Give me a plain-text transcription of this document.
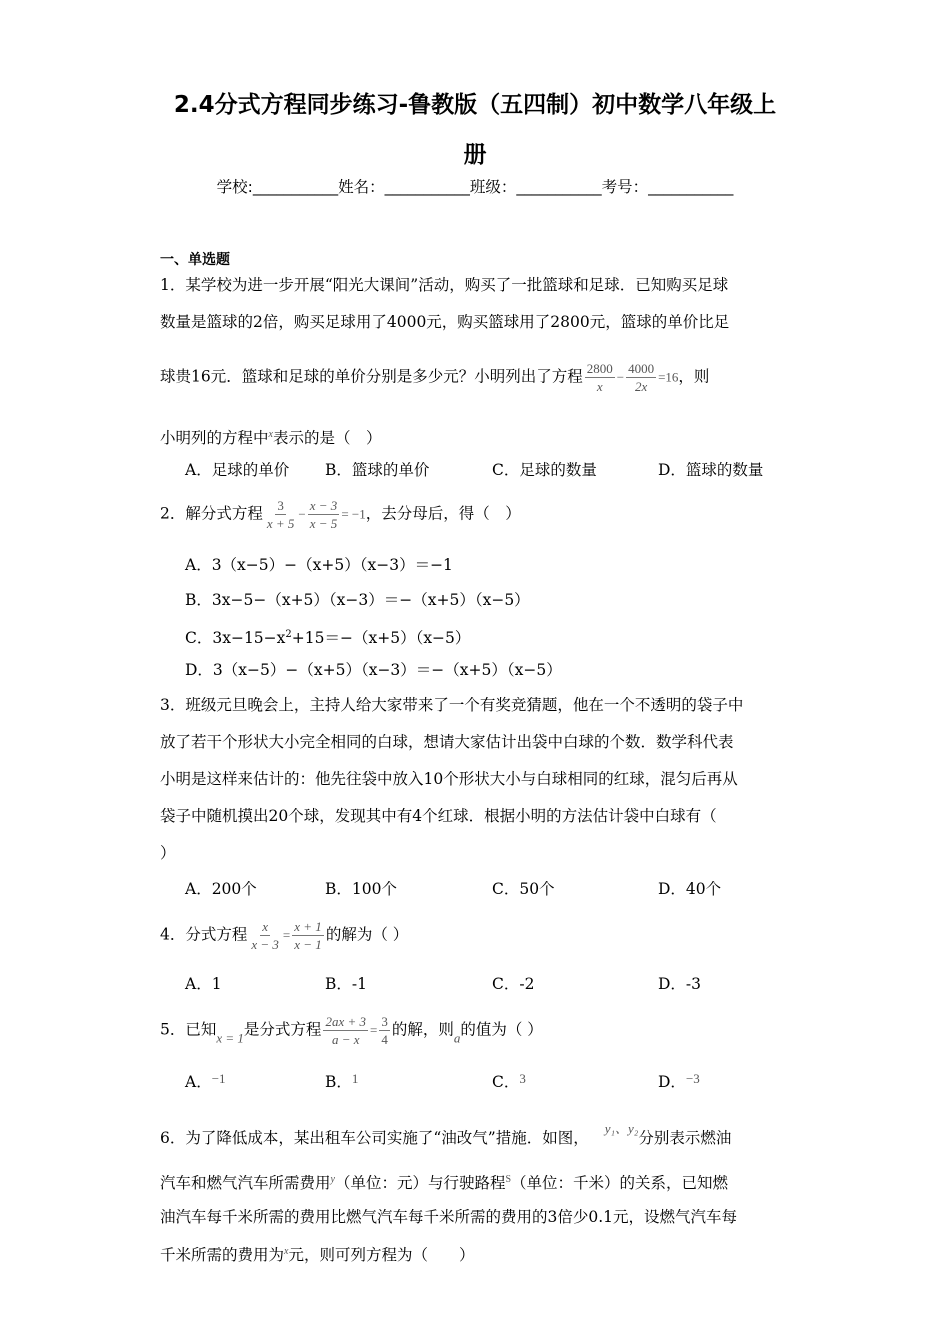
2.4分式方程同步练习-鲁教版（五四制）初中数学八年级上
册
学校:___________姓名：___________班级：___________考号：___________
一、单选题
1．某学校为进一步开展“阳光大课间”活动，购买了一批篮球和足球．已知购买足球
数量是篮球的2倍，购买足球用了4000元，购买篮球用了2800元，篮球的单价比足
球贵16元．篮球和足球的单价分别是多少元？小明列出了方程 $\frac{2800}{x} - \frac{4000}{2x} =16$，则
小明列的方程中$^x$表示的是（　）
A．足球的单价 B．篮球的单价	C．足球的数量	D．篮球的数量
2．解分式方程 $\frac{3}{x + 5} - \frac{x - 3}{x - 5} = -1$，去分母后，得（　）
A．3（x−5）−（x+5）（x−3）＝−1
B．3x−5−（x+5）（x−3）＝−（x+5）（x−5）
C．$3x-15-x^2+15=-(x+5)(x-5)$
D．3（x−5）−（x+5）（x−3）＝−（x+5）（x−5）
3．班级元旦晚会上，主持人给大家带来了一个有奖竞猜题，他在一个不透明的袋子中
放了若干个形状大小完全相同的白球，想请大家估计出袋中白球的个数．数学科代表
小明是这样来估计的：他先往袋中放入10个形状大小与白球相同的红球，混匀后再从
袋子中随机摸出20个球，发现其中有4个红球．根据小明的方法估计袋中白球有（
）
A．200个	B．100个	C．50个	D．40个
4．分式方程 $\frac{x}{x - 3} = \frac{x + 1}{x - 1}$ 的解为（ ）
A．1	B．-1	C．-2	D．-3
5．已知$_{x = 1}$是分式方程 $\frac{2ax + 3}{a - x} = \frac{3}{4}$ 的解，则$_a$的值为（ ）
A．$^{-1}$	B．$^1$	C．$^3$	D．$^{-3}$
6．为了降低成本，某出租车公司实施了“油改气”措施．如图，$^{y_1、y_2}$分别表示燃油
汽车和燃气汽车所需费用$^y$（单位：元）与行驶路程$^S$（单位：千米）的关系，已知燃
油汽车每千米所需的费用比燃气汽车每千米所需的费用的3倍少0.1元，设燃气汽车每
千米所需的费用为$^x$元，则可列方程为（　　）
